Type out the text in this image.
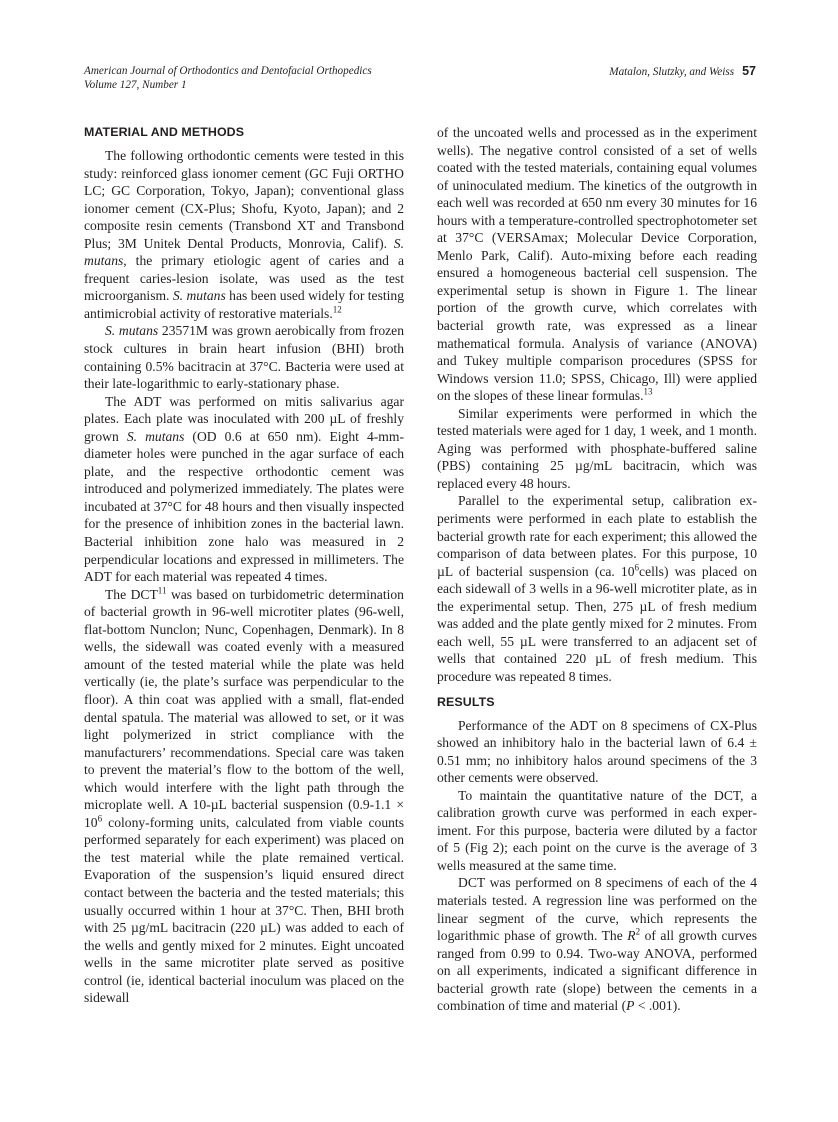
American Journal of Orthodontics and Dentofacial Orthopedics
Volume 127, Number 1
Matalon, Slutzky, and Weiss 57
MATERIAL AND METHODS

The following orthodontic cements were tested in this study: reinforced glass ionomer cement (GC Fuji ORTHO LC; GC Corporation, Tokyo, Japan); conventional glass ionomer cement (CX-Plus; Shofu, Kyoto, Japan); and 2 composite resin cements (Transbond XT and Transbond Plus; 3M Unitek Dental Products, Monrovia, Calif). S. mutans, the primary etiologic agent of caries and a frequent caries-lesion isolate, was used as the test microorganism. S. mutans has been used widely for testing antimicrobial activity of restorative materials.$^{12}$

S. mutans 23571M was grown aerobically from frozen stock cultures in brain heart infusion (BHI) broth containing 0.5% bacitracin at 37°C. Bacteria were used at their late-logarithmic to early-stationary phase.

The ADT was performed on mitis salivarius agar plates. Each plate was inoculated with 200 µL of freshly grown S. mutans (OD 0.6 at 650 nm). Eight 4-mm-diameter holes were punched in the agar surface of each plate, and the respective orthodontic cement was introduced and polymerized immediately. The plates were incubated at 37°C for 48 hours and then visually inspected for the presence of inhibition zones in the bacterial lawn. Bacterial inhibition zone halo was measured in 2 perpendicular locations and expressed in millimeters. The ADT for each material was repeated 4 times.

The DCT$^{11}$ was based on turbidometric determination of bacterial growth in 96-well microtiter plates (96-well, flat-bottom Nunclon; Nunc, Copenhagen, Denmark). In 8 wells, the sidewall was coated evenly with a measured amount of the tested material while the plate was held vertically (ie, the plate’s surface was perpendicular to the floor). A thin coat was applied with a small, flat-ended dental spatula. The material was allowed to set, or it was light polymerized in strict compliance with the manufacturers’ recommendations. Special care was taken to prevent the material’s flow to the bottom of the well, which would interfere with the light path through the microplate well. A 10-µL bacterial suspension ($0.9-1.1 \times 10^6$ colony-forming units, calculated from viable counts performed separately for each experiment) was placed on the test material while the plate remained vertical. Evaporation of the suspension’s liquid ensured direct contact between the bacteria and the tested materials; this usually occurred within 1 hour at 37°C. Then, BHI broth with 25 µg/mL bacitracin (220 µL) was added to each of the wells and gently mixed for 2 minutes. Eight uncoated wells in the same microtiter plate served as positive control (ie, identical bacterial inoculum was placed on the sidewall

of the uncoated wells and processed as in the experiment wells). The negative control consisted of a set of wells coated with the tested materials, containing equal volumes of uninoculated medium. The kinetics of the outgrowth in each well was recorded at 650 nm every 30 minutes for 16 hours with a temperature-controlled spectrophotometer set at 37°C (VERSAmax; Molecular Device Corporation, Menlo Park, Calif). Auto-mixing before each reading ensured a homogeneous bacterial cell suspension. The experimental setup is shown in Figure 1. The linear portion of the growth curve, which correlates with bacterial growth rate, was expressed as a linear mathematical formula. Analysis of variance (ANOVA) and Tukey multiple comparison procedures (SPSS for Windows version 11.0; SPSS, Chicago, Ill) were applied on the slopes of these linear formulas.$^{13}$

Similar experiments were performed in which the tested materials were aged for 1 day, 1 week, and 1 month. Aging was performed with phosphate-buffered saline (PBS) containing 25 µg/mL bacitracin, which was replaced every 48 hours.

Parallel to the experimental setup, calibration experiments were performed in each plate to establish the bacterial growth rate for each experiment; this allowed the comparison of data between plates. For this purpose, 10 µL of bacterial suspension (ca. $10^6cells$) was placed on each sidewall of 3 wells in a 96-well microtiter plate, as in the experimental setup. Then, 275 µL of fresh medium was added and the plate gently mixed for 2 minutes. From each well, 55 µL were transferred to an adjacent set of wells that contained 220 µL of fresh medium. This procedure was repeated 8 times.

RESULTS

Performance of the ADT on 8 specimens of CX-Plus showed an inhibitory halo in the bacterial lawn of 6.4 ± 0.51 mm; no inhibitory halos around specimens of the 3 other cements were observed.

To maintain the quantitative nature of the DCT, a calibration growth curve was performed in each experiment. For this purpose, bacteria were diluted by a factor of 5 (Fig 2); each point on the curve is the average of 3 wells measured at the same time.

DCT was performed on 8 specimens of each of the 4 materials tested. A regression line was performed on the linear segment of the curve, which represents the logarithmic phase of growth. The $R^2$ of all growth curves ranged from 0.99 to 0.94. Two-way ANOVA, performed on all experiments, indicated a significant difference in bacterial growth rate (slope) between the cements in a combination of time and material (P < .001).
